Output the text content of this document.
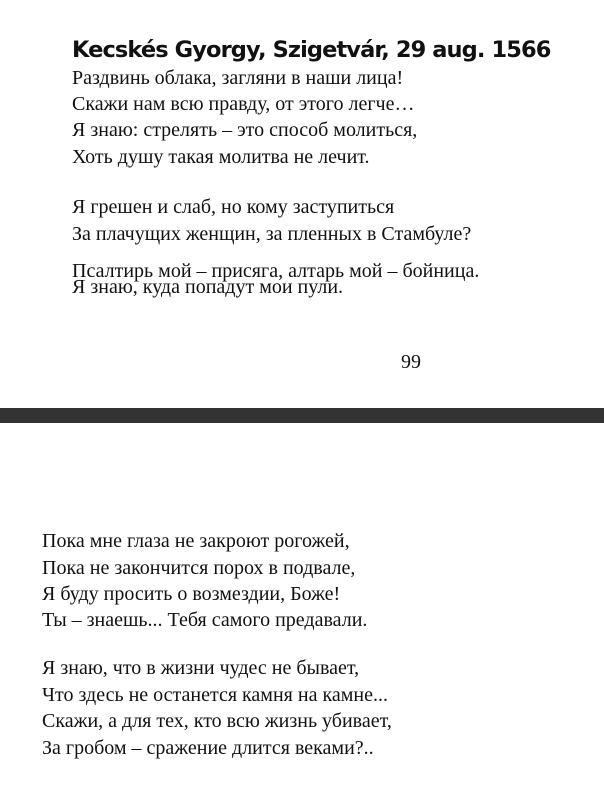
Kecskés Gyorgy, Szigetvár, 29 aug. 1566

Раздвинь облака, загляни в наши лица!

Скажи нам всю правду, от этого легче…

Я знаю: стрелять – это способ молиться,

Хоть душу такая молитва не лечит.

Я грешен и слаб, но кому заступиться

За плачущих женщин, за пленных в Стамбуле?

Псалтирь мой – присяга, алтарь мой – бойница.

Я знаю, куда попадут мои пули.

99

Пока мне глаза не закроют рогожей,

Пока не закончится порох в подвале,

Я буду просить о возмездии, Боже!

Ты – знаешь... Тебя самого предавали.

Я знаю, что в жизни чудес не бывает,

Что здесь не останется камня на камне...

Скажи, а для тех, кто всю жизнь убивает,

За гробом – сражение длится веками?..
